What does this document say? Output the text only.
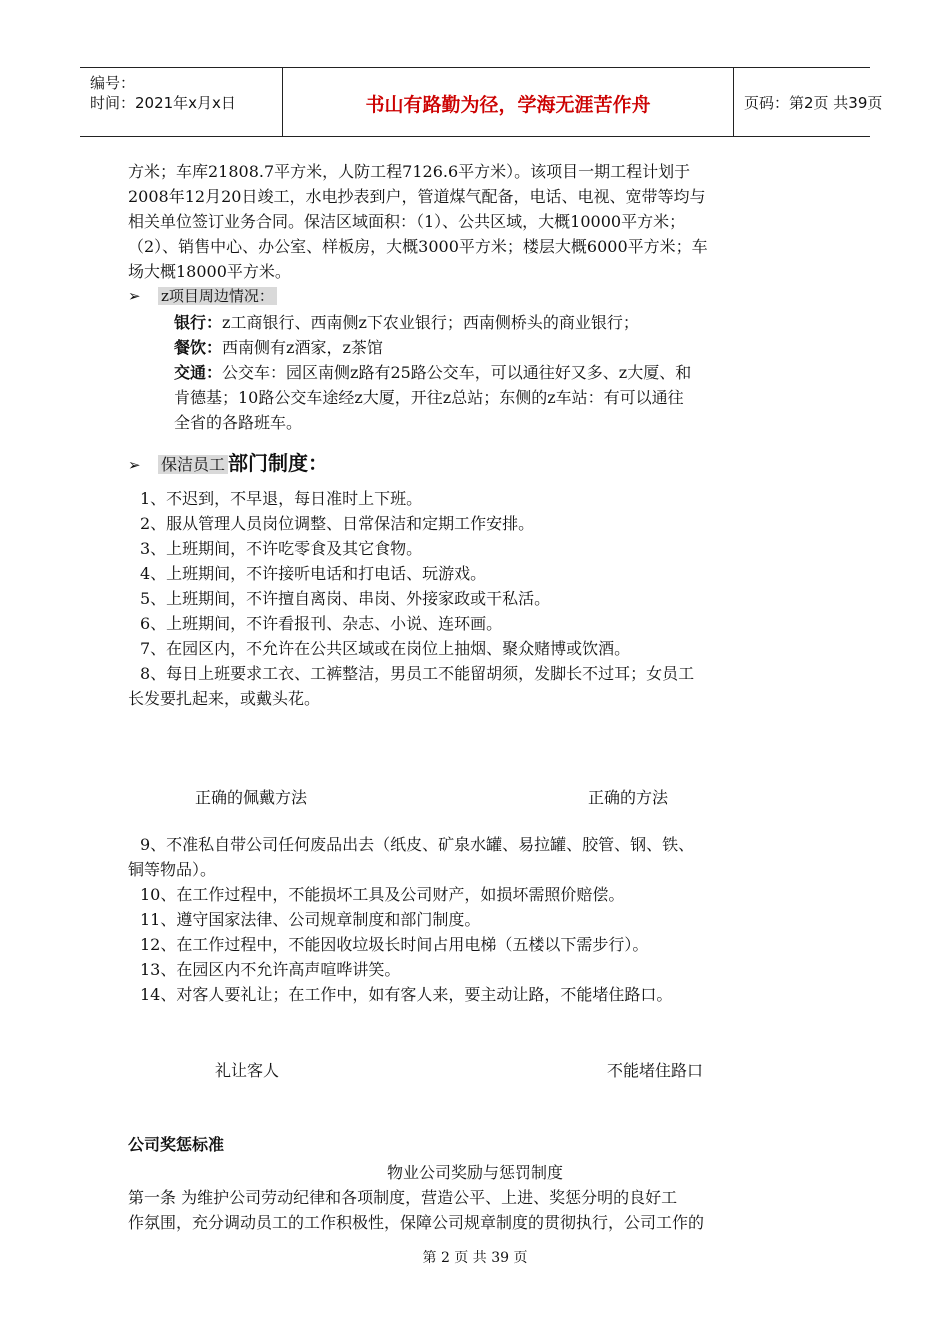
编号：
时间：2021年x月x日	书山有路勤为径，学海无涯苦作舟	页码：第2页 共39页

方米；车库21808.7平方米，人防工程7126.6平方米）。该项目一期工程计划于

2008年12月20日竣工，水电抄表到户，管道煤气配备，电话、电视、宽带等均与

相关单位签订业务合同。保洁区域面积：（1）、公共区域，大概10000平方米；

（2）、销售中心、办公室、样板房，大概3000平方米；楼层大概6000平方米；车

场大概18000平方米。

➢ z项目周边情况：
银行：z工商银行、西南侧z下农业银行；西南侧桥头的商业银行；
餐饮：西南侧有z酒家，z茶馆
交通：公交车：园区南侧z路有25路公交车，可以通往好又多、z大厦、和
肯德基；10路公交车途经z大厦，开往z总站；东侧的z车站：有可以通往
全省的各路班车。
➢ 保洁员工 部门制度：

1、不迟到，不早退，每日准时上下班。

2、服从管理人员岗位调整、日常保洁和定期工作安排。

3、上班期间，不许吃零食及其它食物。

4、上班期间，不许接听电话和打电话、玩游戏。

5、上班期间，不许擅自离岗、串岗、外接家政或干私活。

6、上班期间，不许看报刊、杂志、小说、连环画。

7、在园区内，不允许在公共区域或在岗位上抽烟、聚众赌博或饮酒。

8、每日上班要求工衣、工裤整洁，男员工不能留胡须，发脚长不过耳；女员工

长发要扎起来，或戴头花。

正确的佩戴方法	正确的方法

9、不准私自带公司任何废品出去（纸皮、矿泉水罐、易拉罐、胶管、钢、铁、

铜等物品）。

10、在工作过程中，不能损坏工具及公司财产，如损坏需照价赔偿。

11、遵守国家法律、公司规章制度和部门制度。

12、在工作过程中，不能因收垃圾长时间占用电梯（五楼以下需步行）。

13、在园区内不允许高声喧哗讲笑。

14、对客人要礼让；在工作中，如有客人来，要主动让路，不能堵住路口。

礼让客人	不能堵住路口
公司奖惩标准
物业公司奖励与惩罚制度

第一条 为维护公司劳动纪律和各项制度，营造公平、上进、奖惩分明的良好工

作氛围，充分调动员工的工作积极性，保障公司规章制度的贯彻执行，公司工作的

第 2 页 共 39 页
